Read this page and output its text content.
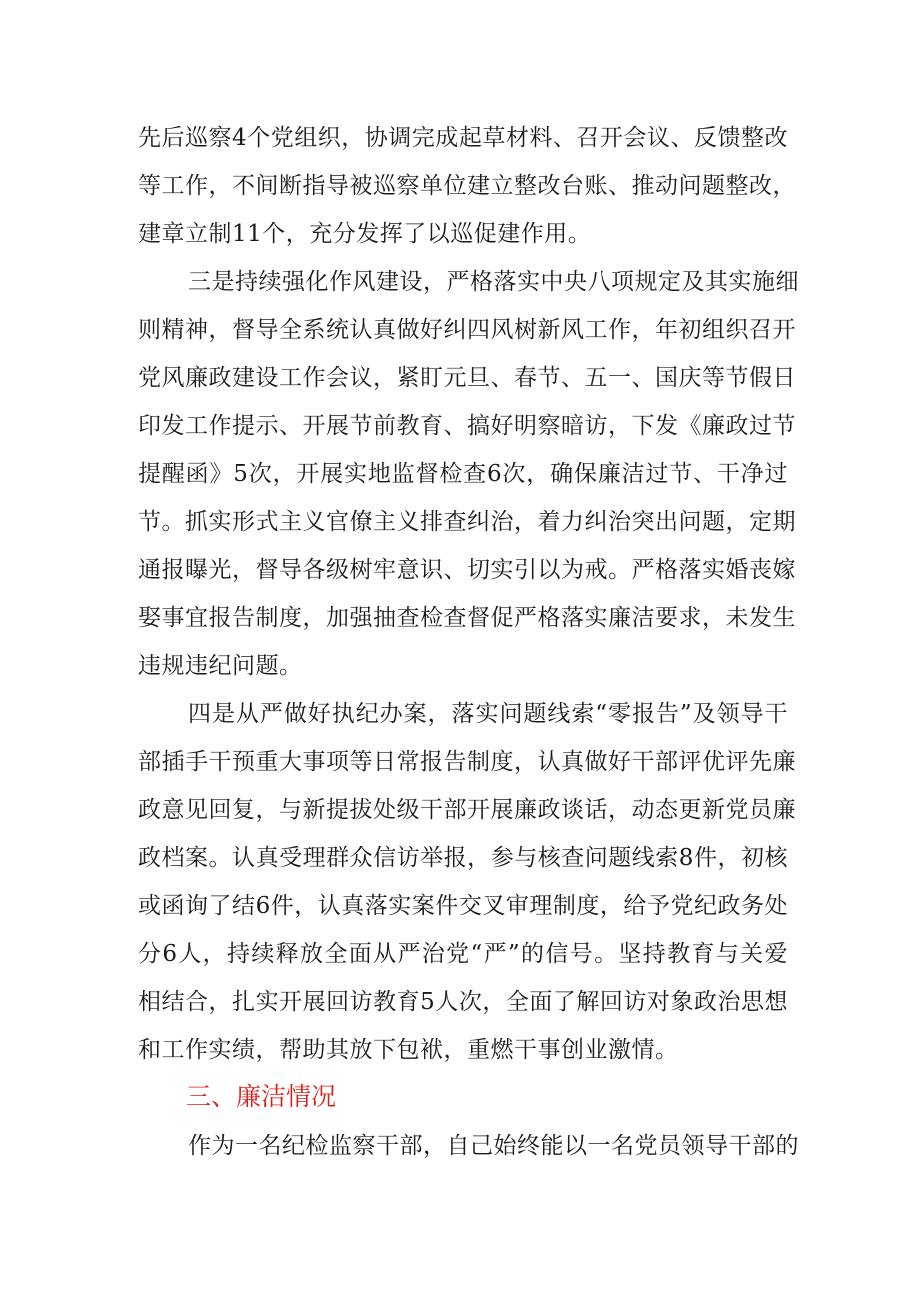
先后巡察4个党组织，协调完成起草材料、召开会议、反馈整改
等工作，不间断指导被巡察单位建立整改台账、推动问题整改，
建章立制11个，充分发挥了以巡促建作用。
三是持续强化作风建设，严格落实中央八项规定及其实施细
则精神，督导全系统认真做好纠四风树新风工作，年初组织召开
党风廉政建设工作会议，紧盯元旦、春节、五一、国庆等节假日
印发工作提示、开展节前教育、搞好明察暗访，下发《廉政过节
提醒函》5次，开展实地监督检查6次，确保廉洁过节、干净过
节。抓实形式主义官僚主义排查纠治，着力纠治突出问题，定期
通报曝光，督导各级树牢意识、切实引以为戒。严格落实婚丧嫁
娶事宜报告制度，加强抽查检查督促严格落实廉洁要求，未发生
违规违纪问题。
四是从严做好执纪办案，落实问题线索“零报告”及领导干
部插手干预重大事项等日常报告制度，认真做好干部评优评先廉
政意见回复，与新提拔处级干部开展廉政谈话，动态更新党员廉
政档案。认真受理群众信访举报，参与核查问题线索8件，初核
或函询了结6件，认真落实案件交叉审理制度，给予党纪政务处
分6人，持续释放全面从严治党“严”的信号。坚持教育与关爱
相结合，扎实开展回访教育5人次，全面了解回访对象政治思想
和工作实绩，帮助其放下包袱，重燃干事创业激情。
三、廉洁情况
作为一名纪检监察干部，自己始终能以一名党员领导干部的
